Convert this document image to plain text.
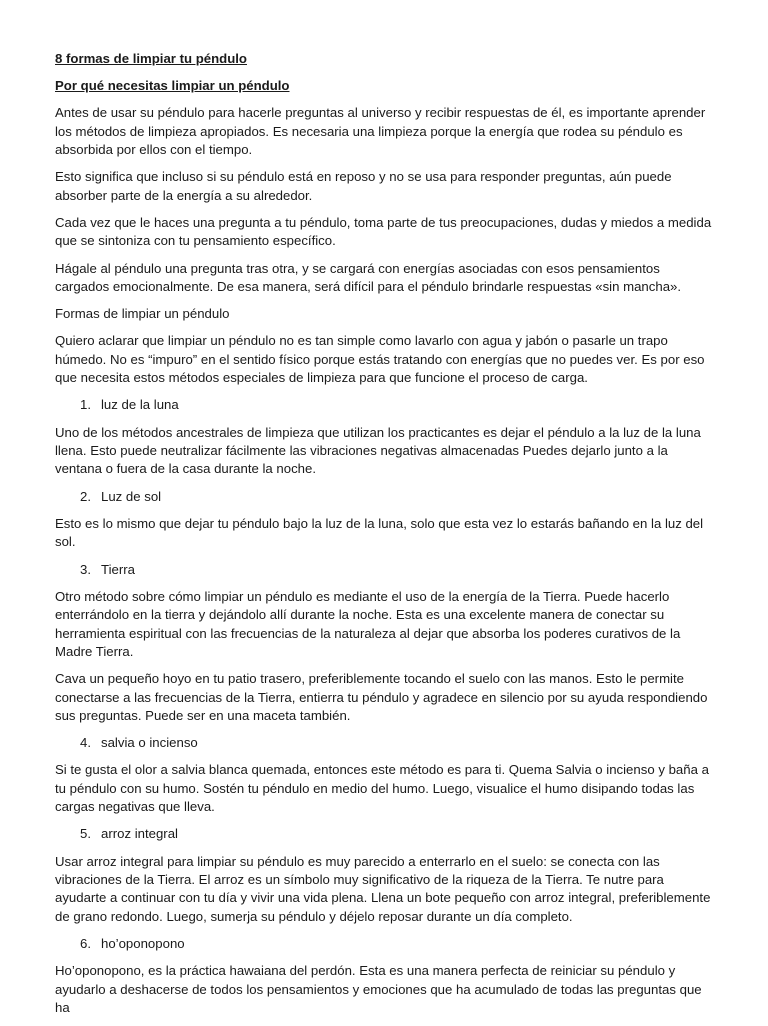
8 formas de limpiar tu péndulo

Por qué necesitas limpiar un péndulo

Antes de usar su péndulo para hacerle preguntas al universo y recibir respuestas de él, es importante aprender los métodos de limpieza apropiados. Es necesaria una limpieza porque la energía que rodea su péndulo es absorbida por ellos con el tiempo.

Esto significa que incluso si su péndulo está en reposo y no se usa para responder preguntas, aún puede absorber parte de la energía a su alrededor.

Cada vez que le haces una pregunta a tu péndulo, toma parte de tus preocupaciones, dudas y miedos a medida que se sintoniza con tu pensamiento específico.

Hágale al péndulo una pregunta tras otra, y se cargará con energías asociadas con esos pensamientos cargados emocionalmente. De esa manera, será difícil para el péndulo brindarle respuestas «sin mancha».

Formas de limpiar un péndulo

Quiero aclarar que limpiar un péndulo no es tan simple como lavarlo con agua y jabón o pasarle un trapo húmedo. No es “impuro” en el sentido físico porque estás tratando con energías que no puedes ver. Es por eso que necesita estos métodos especiales de limpieza para que funcione el proceso de carga.

1. luz de la luna

Uno de los métodos ancestrales de limpieza que utilizan los practicantes es dejar el péndulo a la luz de la luna llena. Esto puede neutralizar fácilmente las vibraciones negativas almacenadas Puedes dejarlo junto a la ventana o fuera de la casa durante la noche.

2. Luz de sol

Esto es lo mismo que dejar tu péndulo bajo la luz de la luna, solo que esta vez lo estarás bañando en la luz del sol.

3. Tierra

Otro método sobre cómo limpiar un péndulo es mediante el uso de la energía de la Tierra. Puede hacerlo enterrándolo en la tierra y dejándolo allí durante la noche. Esta es una excelente manera de conectar su herramienta espiritual con las frecuencias de la naturaleza al dejar que absorba los poderes curativos de la Madre Tierra.

Cava un pequeño hoyo en tu patio trasero, preferiblemente tocando el suelo con las manos. Esto le permite conectarse a las frecuencias de la Tierra, entierra tu péndulo y agradece en silencio por su ayuda respondiendo sus preguntas. Puede ser en una maceta también.

4. salvia o incienso

Si te gusta el olor a salvia blanca quemada, entonces este método es para ti. Quema Salvia o incienso y baña a tu péndulo con su humo. Sostén tu péndulo en medio del humo. Luego, visualice el humo disipando todas las cargas negativas que lleva.

5. arroz integral

Usar arroz integral para limpiar su péndulo es muy parecido a enterrarlo en el suelo: se conecta con las vibraciones de la Tierra. El arroz es un símbolo muy significativo de la riqueza de la Tierra. Te nutre para ayudarte a continuar con tu día y vivir una vida plena. Llena un bote pequeño con arroz integral, preferiblemente de grano redondo. Luego, sumerja su péndulo y déjelo reposar durante un día completo.

6. ho’oponopono

Ho’oponopono, es la práctica hawaiana del perdón. Esta es una manera perfecta de reiniciar su péndulo y ayudarlo a deshacerse de todos los pensamientos y emociones que ha acumulado de todas las preguntas que ha
